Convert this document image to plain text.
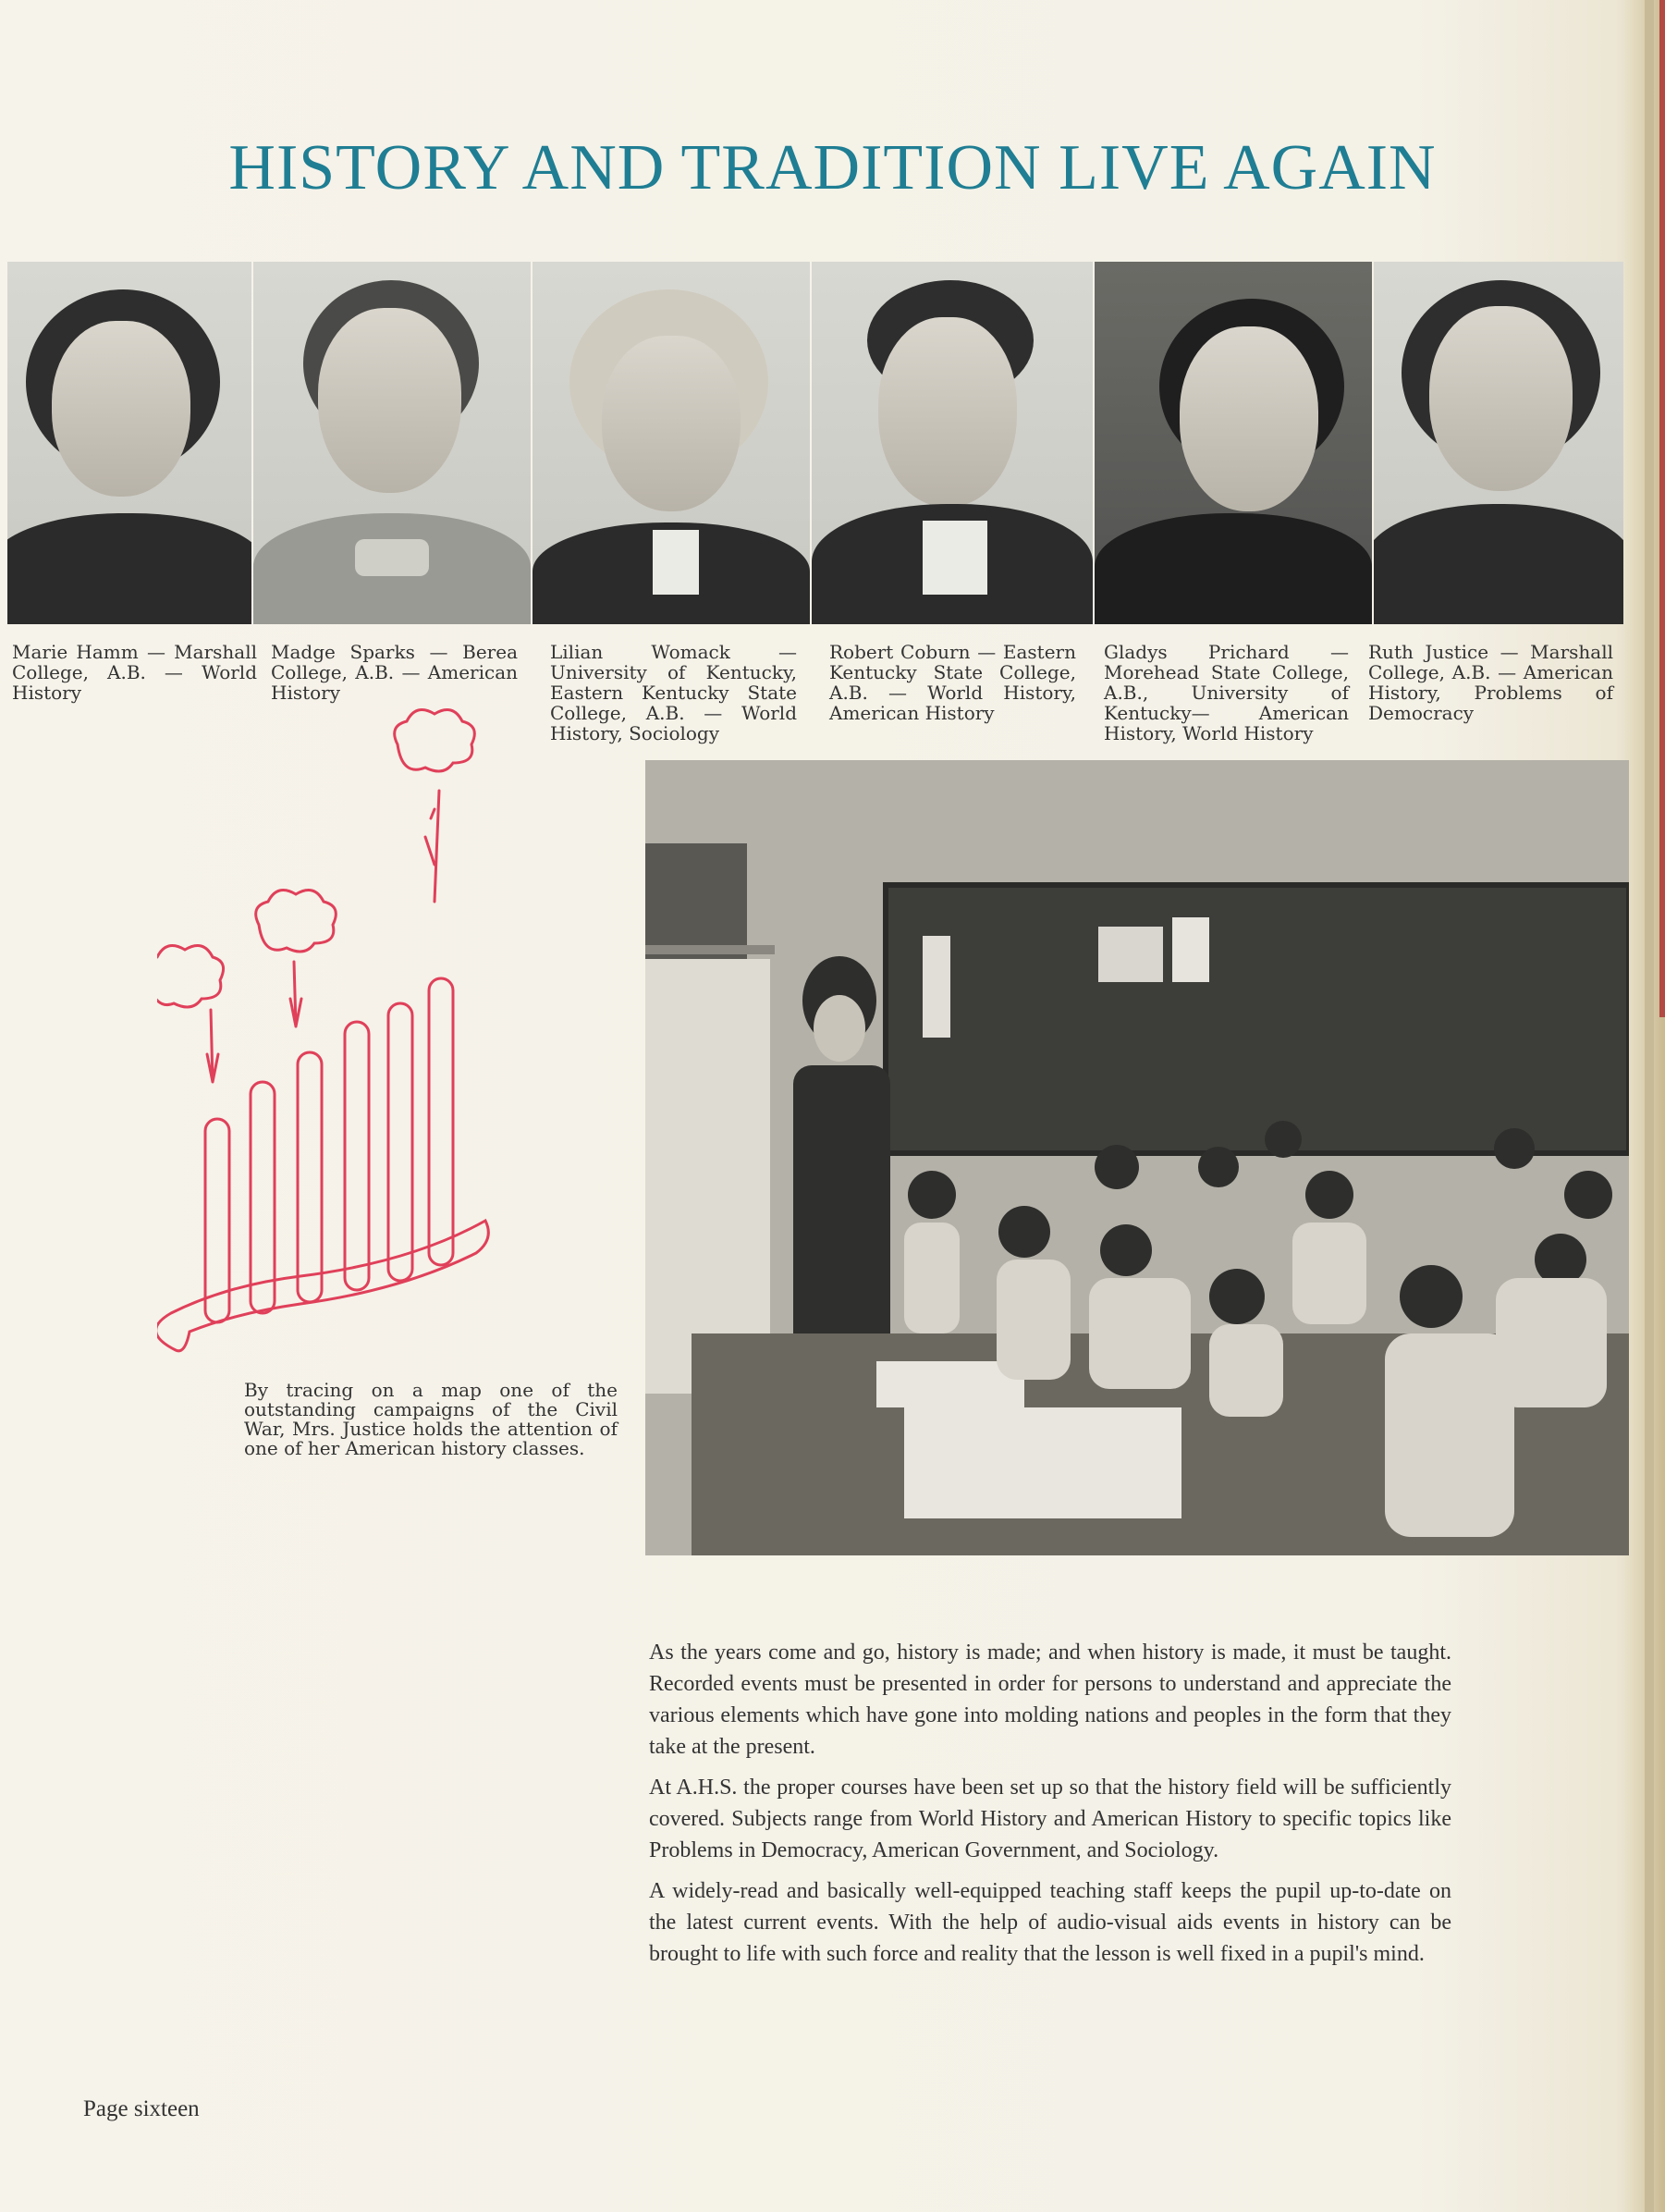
HISTORY AND TRADITION LIVE AGAIN
Marie Hamm — Marshall College, A.B. — World History
Madge Sparks — Berea College, A.B. — American History
Lilian Womack — University of Kentucky, Eastern Kentucky State College, A.B. — World History, Sociology
Robert Coburn — Eastern Kentucky State College, A.B. — World History, American History
Gladys Prichard — Morehead State College, A.B., University of Kentucky— American History, World History
Ruth Justice — Marshall College, A.B. — American History, Problems of Democracy
By tracing on a map one of the outstanding campaigns of the Civil War, Mrs. Justice holds the attention of one of her American history classes.

As the years come and go, history is made; and when history is made, it must be taught. Recorded events must be presented in order for persons to understand and appreciate the various elements which have gone into molding nations and peoples in the form that they take at the present.

At A.H.S. the proper courses have been set up so that the history field will be sufficiently covered. Subjects range from World History and American History to specific topics like Problems in Democracy, American Government, and Sociology.

A widely-read and basically well-equipped teaching staff keeps the pupil up-to-date on the latest current events. With the help of audio-visual aids events in history can be brought to life with such force and reality that the lesson is well fixed in a pupil's mind.

Page sixteen
